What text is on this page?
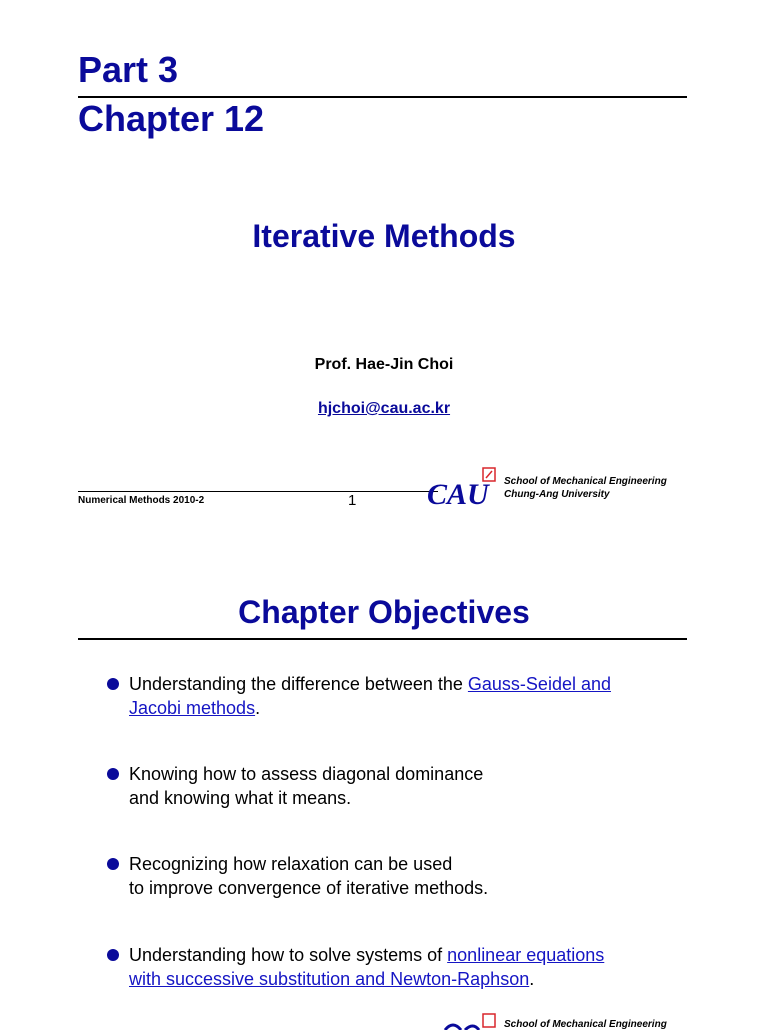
Part 3
Chapter 12
Iterative Methods
Prof. Hae-Jin Choi
hjchoi@cau.ac.kr
Numerical Methods 2010-2	1 CAU School of Mechanical Engineering
Chung-Ang University
Chapter Objectives
Understanding the difference between the Gauss-Seidel and
Jacobi methods.
Knowing how to assess diagonal dominance
and knowing what it means.
Recognizing how relaxation can be used
to improve convergence of iterative methods.
Understanding how to solve systems of nonlinear equations
with successive substitution and Newton-Raphson.
School of Mechanical Engineering
